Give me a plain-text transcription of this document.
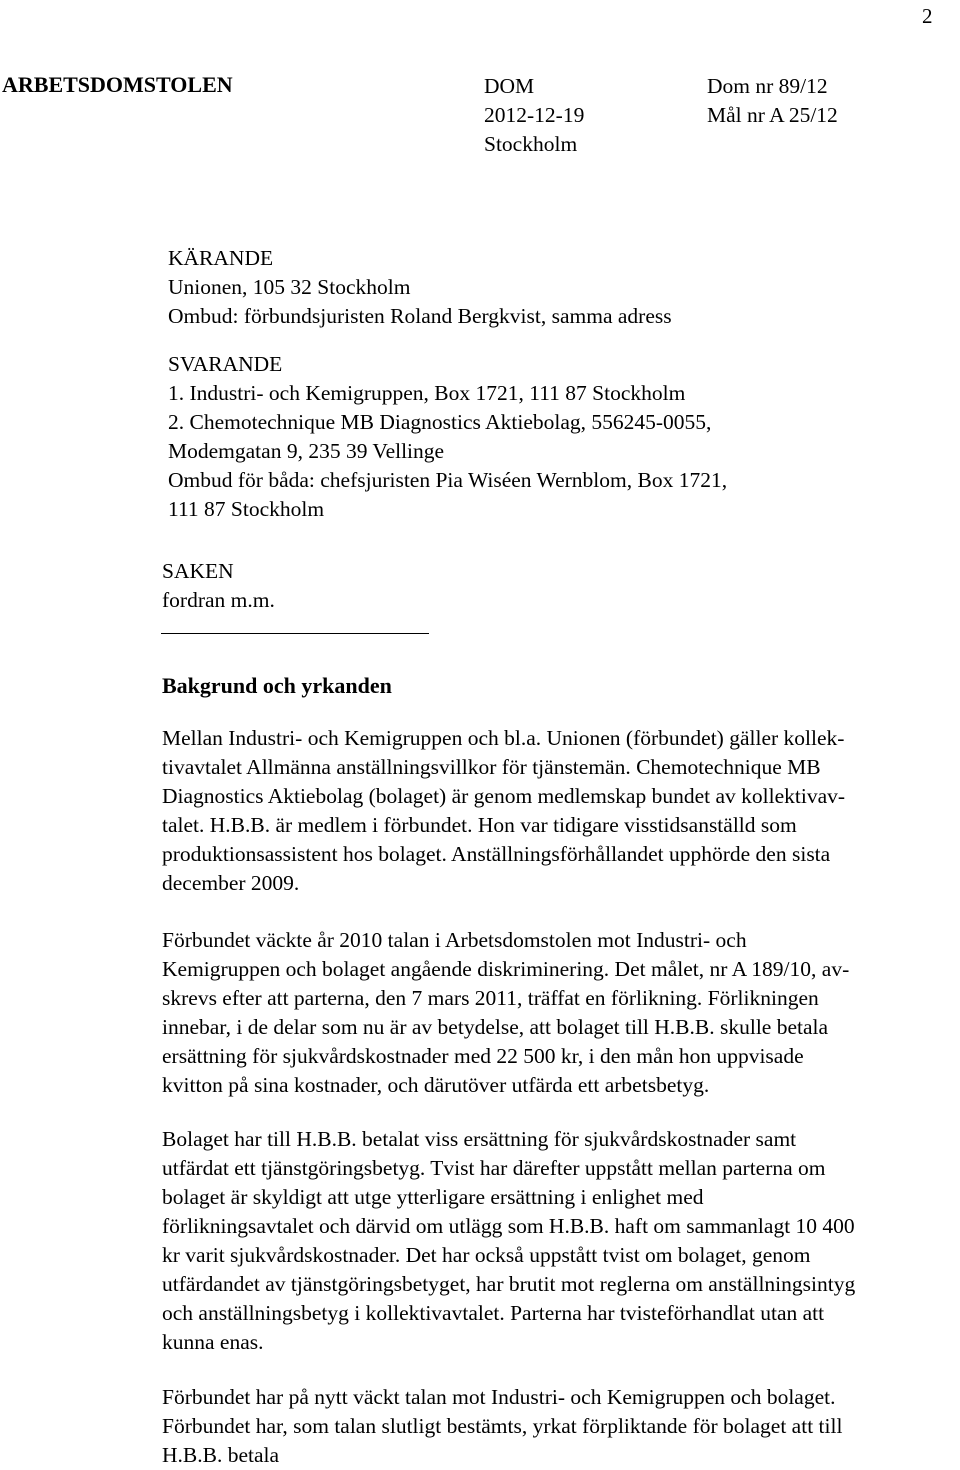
2
ARBETSDOMSTOLEN	DOM
2012-12-19
Stockholm
Dom nr 89/12
Mål nr A 25/12
KÄRANDE
Unionen, 105 32 Stockholm
Ombud: förbundsjuristen Roland Bergkvist, samma adress
SVARANDE
1. Industri- och Kemigruppen, Box 1721, 111 87 Stockholm
2. Chemotechnique MB Diagnostics Aktiebolag, 556245-0055,
Modemgatan 9, 235 39 Vellinge
Ombud för båda: chefsjuristen Pia Wiséen Wernblom, Box 1721,
111 87 Stockholm
SAKEN
fordran m.m.
Bakgrund och yrkanden
Mellan Industri- och Kemigruppen och bl.a. Unionen (förbundet) gäller kollek-
tivavtalet Allmänna anställningsvillkor för tjänstemän. Chemotechnique MB
Diagnostics Aktiebolag (bolaget) är genom medlemskap bundet av kollektivav-
talet. H.B.B. är medlem i förbundet. Hon var tidigare visstidsanställd som
produktionsassistent hos bolaget. Anställningsförhållandet upphörde den sista
december 2009.
Förbundet väckte år 2010 talan i Arbetsdomstolen mot Industri- och
Kemigruppen och bolaget angående diskriminering. Det målet, nr A 189/10, av-
skrevs efter att parterna, den 7 mars 2011, träffat en förlikning. Förlikningen
innebar, i de delar som nu är av betydelse, att bolaget till H.B.B. skulle betala
ersättning för sjukvårdskostnader med 22 500 kr, i den mån hon uppvisade
kvitton på sina kostnader, och därutöver utfärda ett arbetsbetyg.
Bolaget har till H.B.B. betalat viss ersättning för sjukvårdskostnader samt
utfärdat ett tjänstgöringsbetyg. Tvist har därefter uppstått mellan parterna om
bolaget är skyldigt att utge ytterligare ersättning i enlighet med
förlikningsavtalet och därvid om utlägg som H.B.B. haft om sammanlagt 10 400
kr varit sjukvårdskostnader. Det har också uppstått tvist om bolaget, genom
utfärdandet av tjänstgöringsbetyget, har brutit mot reglerna om anställningsintyg
och anställningsbetyg i kollektivavtalet. Parterna har tvisteförhandlat utan att
kunna enas.
Förbundet har på nytt väckt talan mot Industri- och Kemigruppen och bolaget.
Förbundet har, som talan slutligt bestämts, yrkat förpliktande för bolaget att till
H.B.B. betala
